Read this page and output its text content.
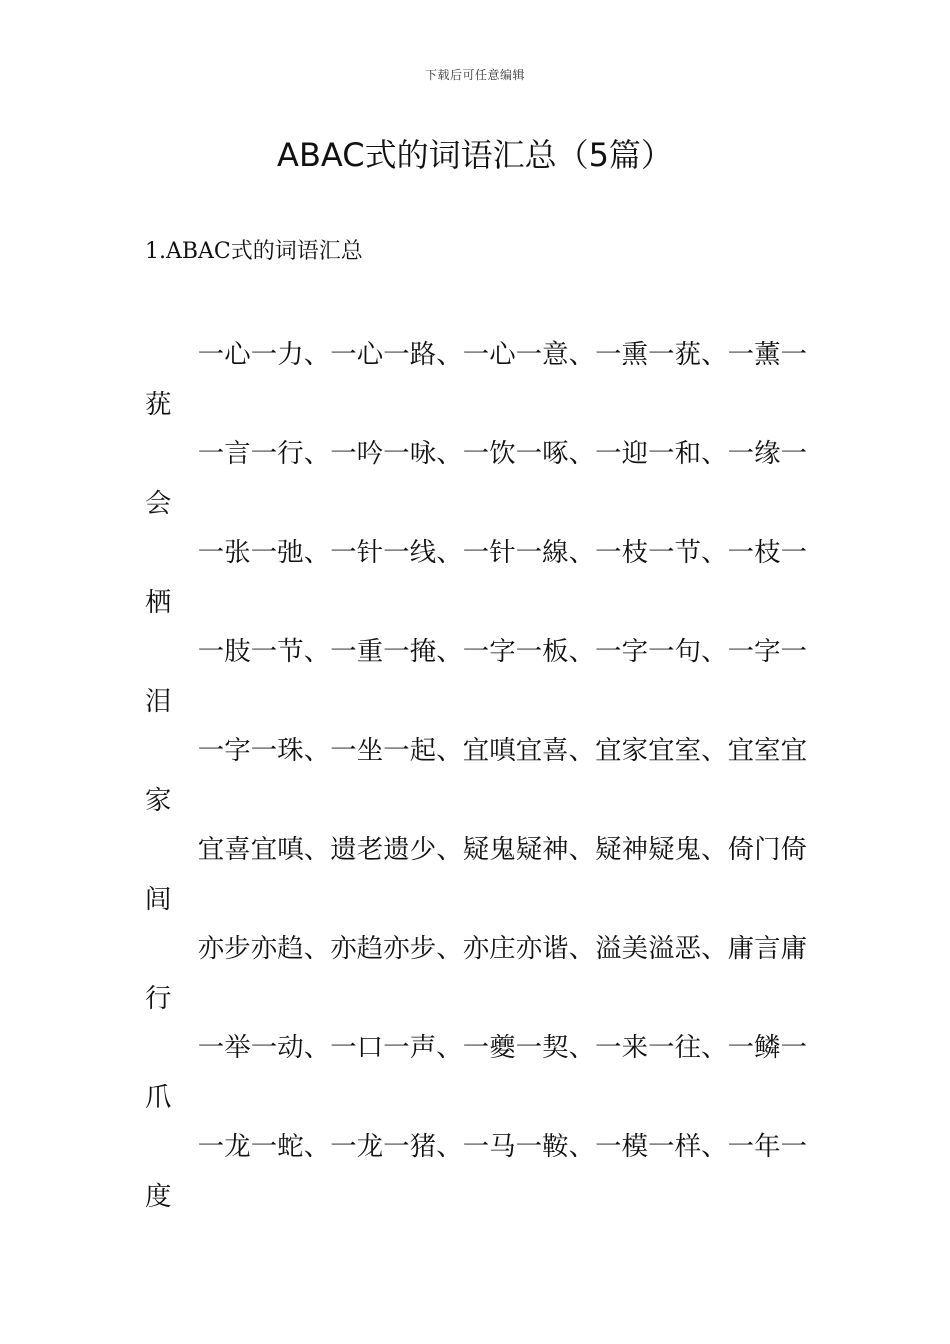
下载后可任意编辑
ABAC式的词语汇总（5篇）
1.ABAC式的词语汇总

一心一力、一心一路、一心一意、一熏一莸、一薰一莸

一言一行、一吟一咏、一饮一啄、一迎一和、一缘一会

一张一弛、一针一线、一针一線、一枝一节、一枝一栖

一肢一节、一重一掩、一字一板、一字一句、一字一泪

一字一珠、一坐一起、宜嗔宜喜、宜家宜室、宜室宜家

宜喜宜嗔、遗老遗少、疑鬼疑神、疑神疑鬼、倚门倚闾

亦步亦趋、亦趋亦步、亦庄亦谐、溢美溢恶、庸言庸行

一举一动、一口一声、一夔一契、一来一往、一鳞一爪

一龙一蛇、一龙一猪、一马一鞍、一模一样、一年一度
